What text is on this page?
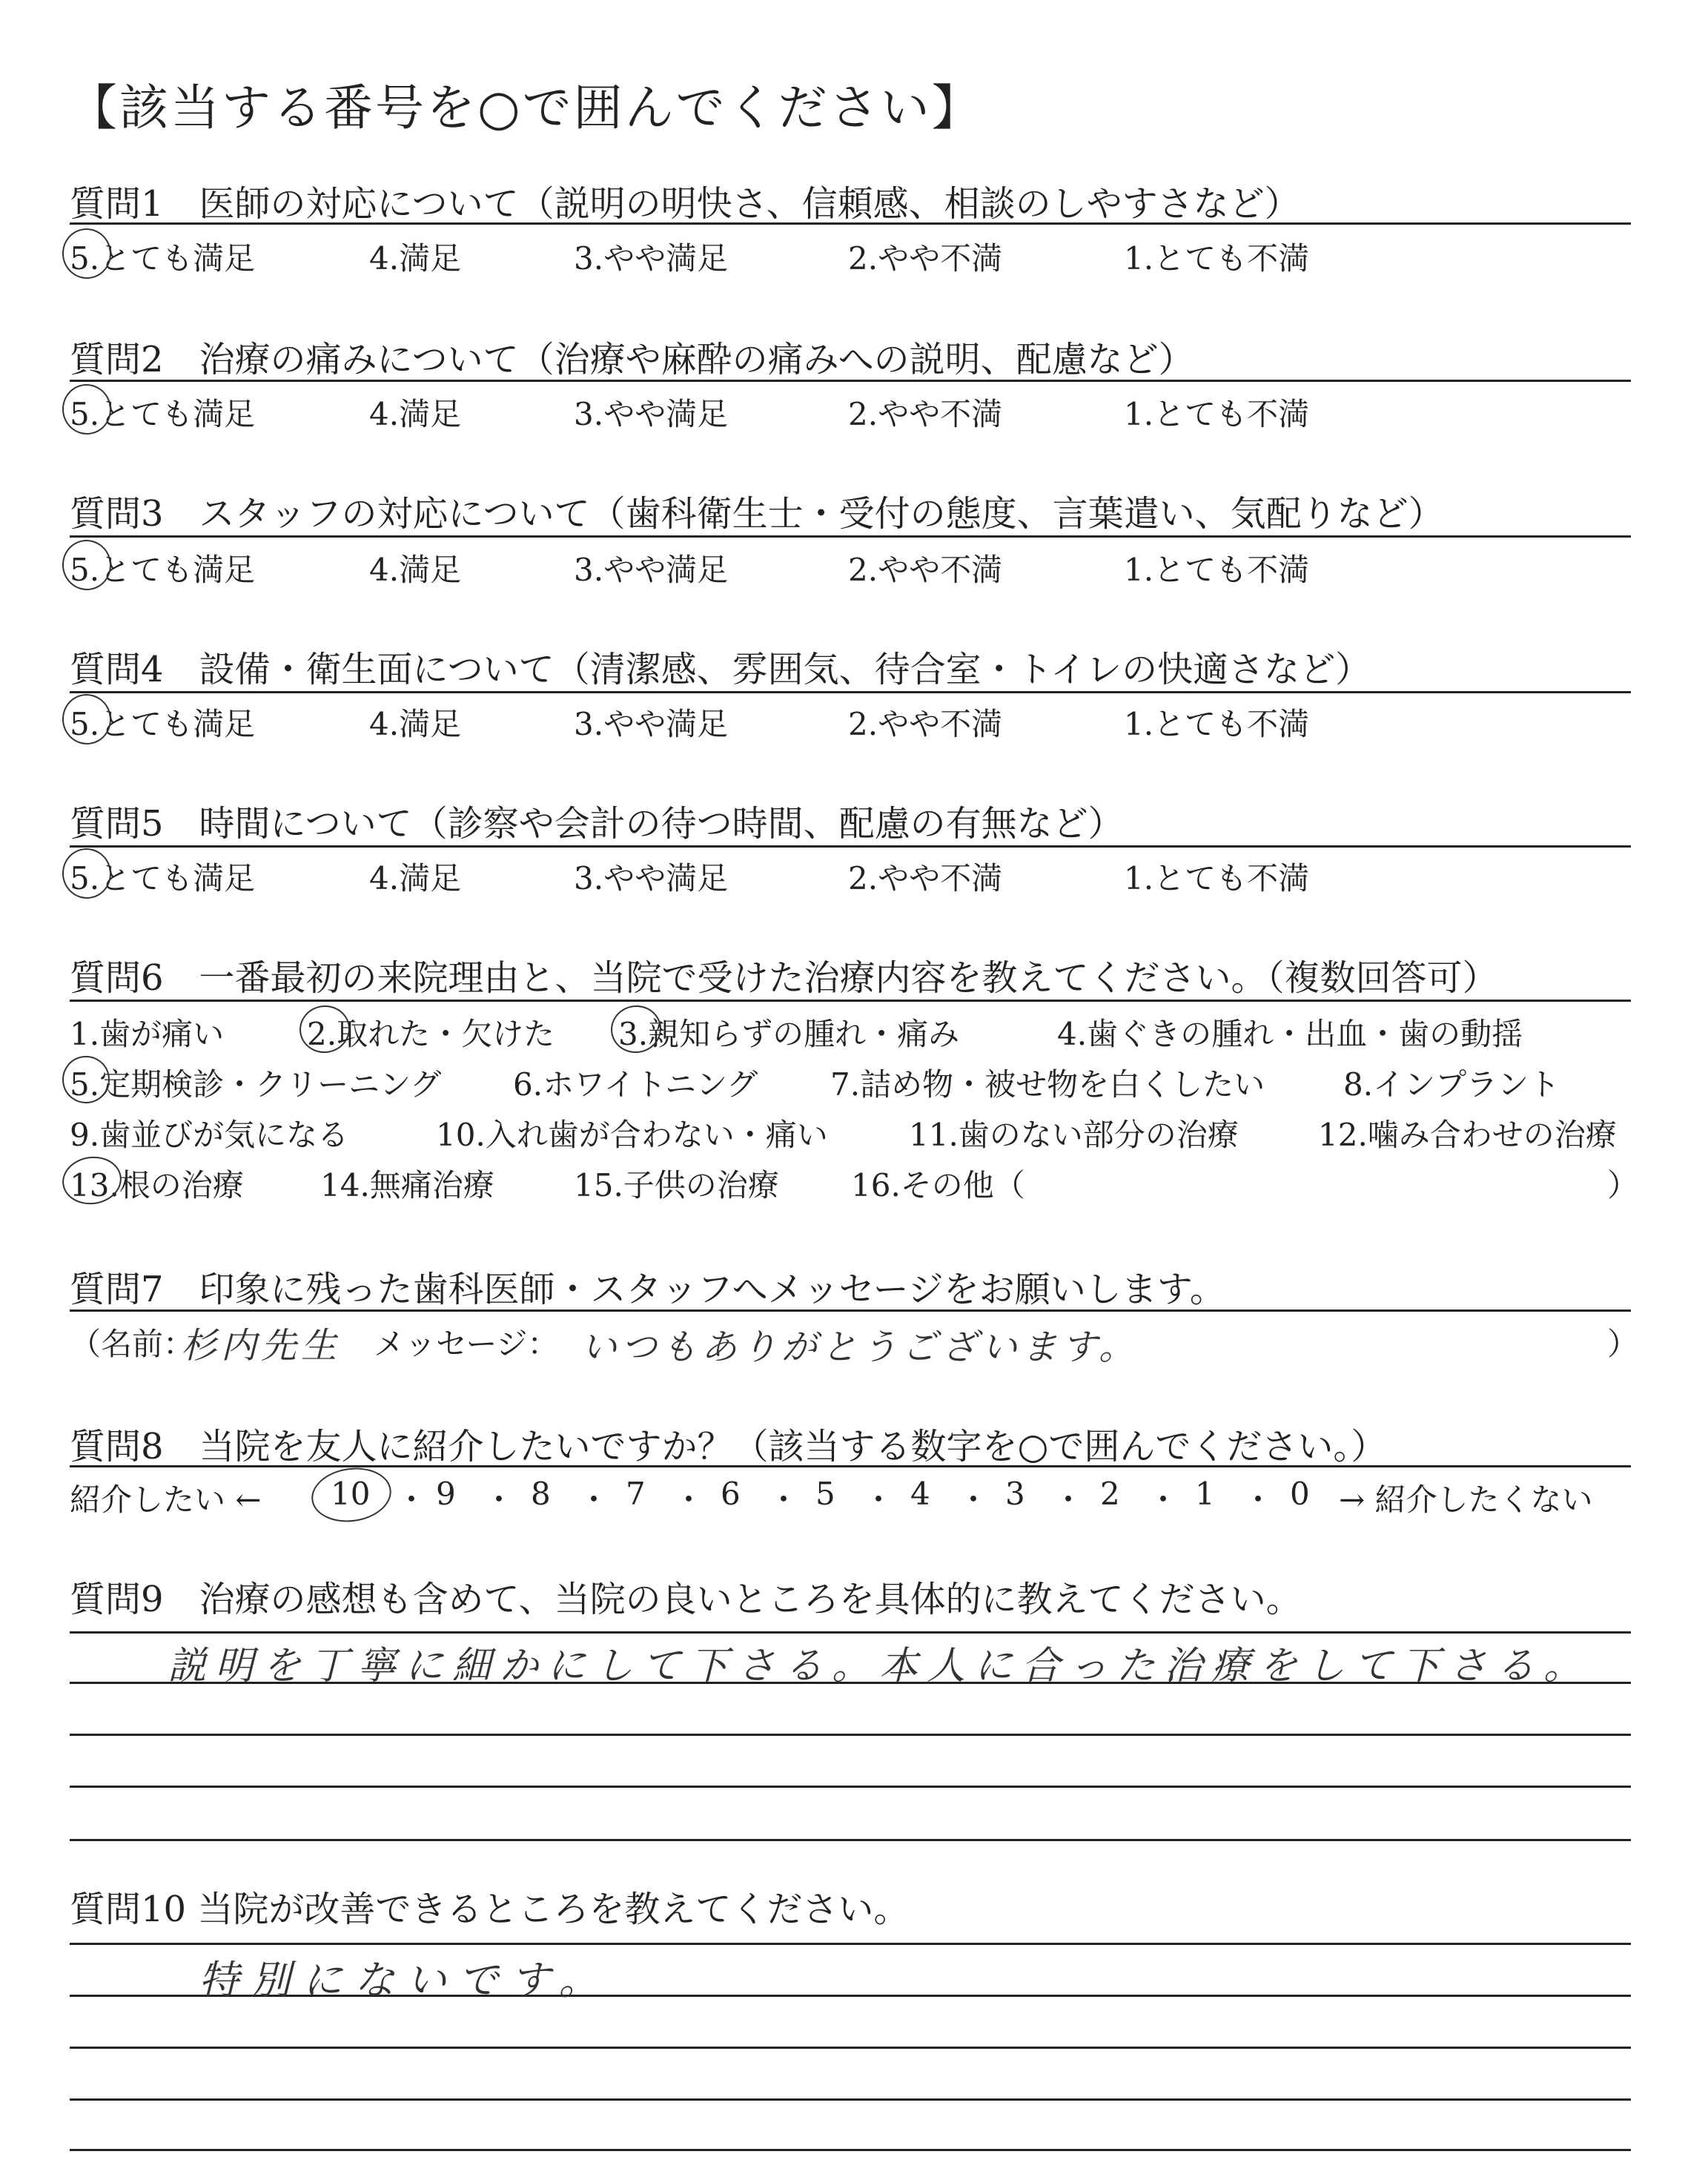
【該当する番号を○で囲んでください】
質問1　医師の対応について（説明の明快さ、信頼感、相談のしやすさなど）
5.とても満足	4.満足	3.やや満足	2.やや不満	1.とても不満
質問2　治療の痛みについて（治療や麻酔の痛みへの説明、配慮など）
5.とても満足	4.満足	3.やや満足	2.やや不満	1.とても不満
質問3　スタッフの対応について（歯科衛生士・受付の態度、言葉遣い、気配りなど）
5.とても満足	4.満足	3.やや満足	2.やや不満	1.とても不満
質問4　設備・衛生面について（清潔感、雰囲気、待合室・トイレの快適さなど）
5.とても満足	4.満足	3.やや満足	2.やや不満	1.とても不満
質問5　時間について（診察や会計の待つ時間、配慮の有無など）
5.とても満足	4.満足	3.やや満足	2.やや不満	1.とても不満
質問6　一番最初の来院理由と、当院で受けた治療内容を教えてください。（複数回答可）
1.歯が痛い	2.取れた・欠けた 3.親知らずの腫れ・痛み	4.歯ぐきの腫れ・出血・歯の動揺
5.定期検診・クリーニング 6.ホワイトニング 7.詰め物・被せ物を白くしたい	8.インプラント
9.歯並びが気になる	10.入れ歯が合わない・痛い	11.歯のない部分の治療	12.噛み合わせの治療
13.根の治療 14.無痛治療	15.子供の治療 16.その他（	）
質問7　印象に残った歯科医師・スタッフへメッセージをお願いします。
（名前：
杉内先生 メッセージ： いつもありがとうございます。	）
質問8　当院を友人に紹介したいですか？（該当する数字を○で囲んでください。）
紹介したい ← 10 ・ 9 ・ 8 ・ 7 ・ 6 ・ 5 ・ 4 ・ 3 ・ 2 ・ 1 ・ 0 → 紹介したくない
質問9　治療の感想も含めて、当院の良いところを具体的に教えてください。
説明を丁寧に細かにして下さる。本人に合った治療をして下さる。
質問10 当院が改善できるところを教えてください。
特別にないです。
